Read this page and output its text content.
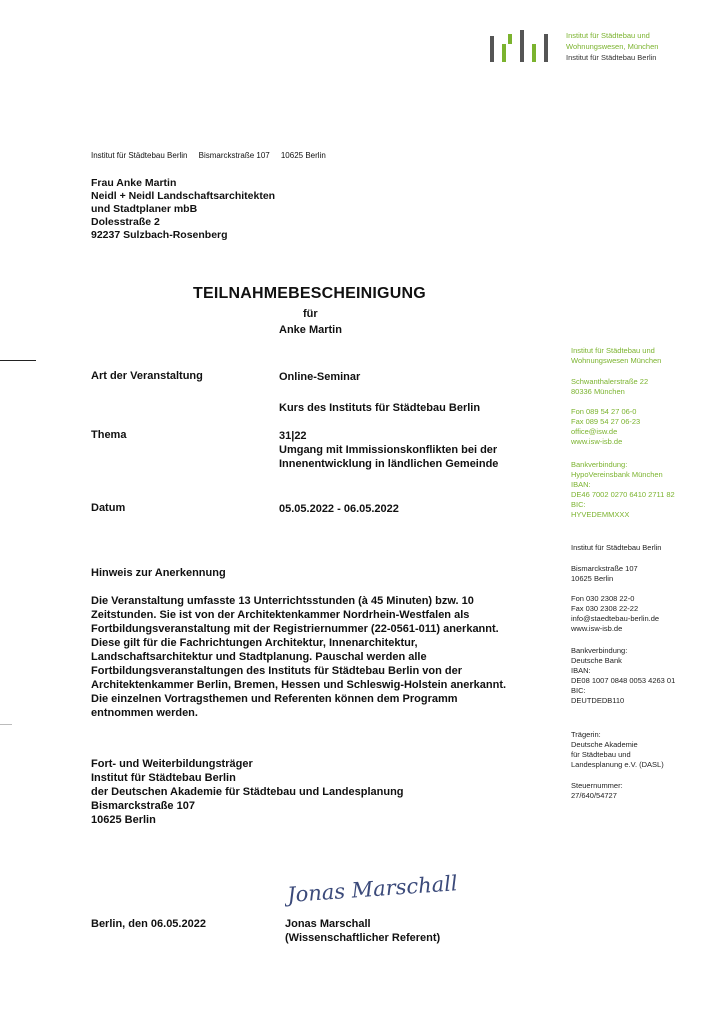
Institut für Städtebau und
Wohnungswesen, München
Institut für Städtebau Berlin
Institut für Städtebau Berlin     Bismarckstraße 107     10625 Berlin
Frau Anke Martin
Neidl + Neidl Landschaftsarchitekten
und Stadtplaner mbB
Dolesstraße 2
92237 Sulzbach-Rosenberg
TEILNAHMEBESCHEINIGUNG
für
Anke Martin
Art der Veranstaltung	Online-Seminar
Kurs des Instituts für Städtebau Berlin
Thema	31|22
Umgang mit Immissionskonflikten bei der
Innenentwicklung in ländlichen Gemeinde
Datum	05.05.2022 - 06.05.2022
Hinweis zur Anerkennung
Die Veranstaltung umfasste 13 Unterrichtsstunden (à 45 Minuten) bzw. 10
Zeitstunden. Sie ist von der Architektenkammer Nordrhein-Westfalen als
Fortbildungsveranstaltung mit der Registriernummer (22-0561-011) anerkannt.
Diese gilt für die Fachrichtungen Architektur, Innenarchitektur,
Landschaftsarchitektur und Stadtplanung. Pauschal werden alle
Fortbildungsveranstaltungen des Instituts für Städtebau Berlin von der
Architektenkammer Berlin, Bremen, Hessen und Schleswig-Holstein anerkannt.
Die einzelnen Vortragsthemen und Referenten können dem Programm
entnommen werden.
Fort- und Weiterbildungsträger
Institut für Städtebau Berlin
der Deutschen Akademie für Städtebau und Landesplanung
Bismarckstraße 107
10625 Berlin
Jonas Marschall
Berlin, den 06.05.2022	Jonas Marschall
(Wissenschaftlicher Referent)
Institut für Städtebau und
Wohnungswesen München
Schwanthalerstraße 22
80336 München
Fon 089 54 27 06-0
Fax 089 54 27 06-23
office@isw.de
www.isw-isb.de
Bankverbindung:
HypoVereinsbank München
IBAN:
DE46 7002 0270 6410 2711 82
BIC:
HYVEDEMMXXX
Institut für Städtebau Berlin
Bismarckstraße 107
10625 Berlin
Fon 030 2308 22-0
Fax 030 2308 22-22
info@staedtebau-berlin.de
www.isw-isb.de
Bankverbindung:
Deutsche Bank
IBAN:
DE08 1007 0848 0053 4263 01
BIC:
DEUTDEDB110
Trägerin:
Deutsche Akademie
für Städtebau und
Landesplanung e.V. (DASL)
Steuernummer:
27/640/54727
